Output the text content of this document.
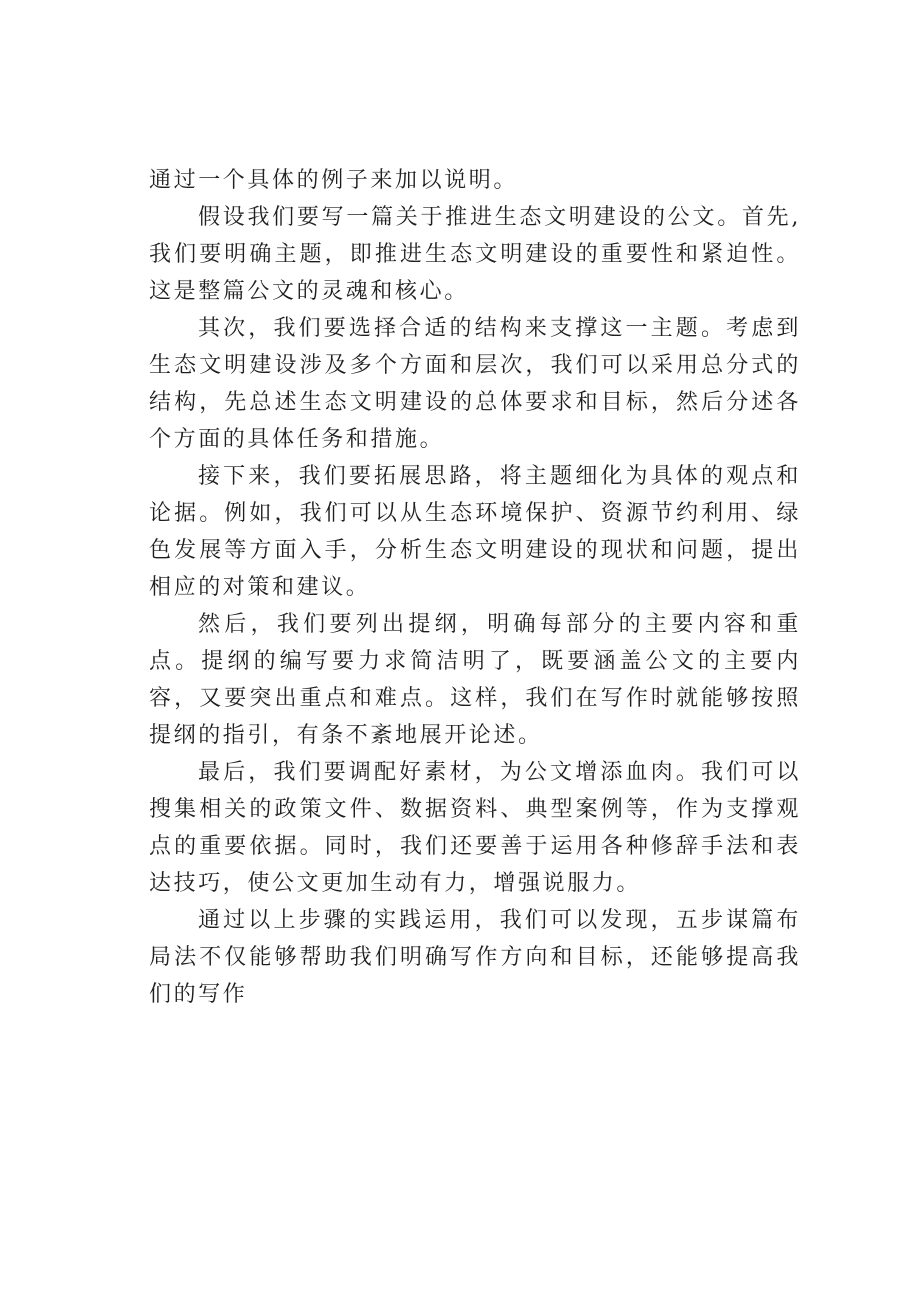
通过一个具体的例子来加以说明。

假设我们要写一篇关于推进生态文明建设的公文。首先,我们要明确主题，即推进生态文明建设的重要性和紧迫性。这是整篇公文的灵魂和核心。

其次，我们要选择合适的结构来支撑这一主题。考虑到生态文明建设涉及多个方面和层次，我们可以采用总分式的结构，先总述生态文明建设的总体要求和目标，然后分述各个方面的具体任务和措施。

接下来，我们要拓展思路，将主题细化为具体的观点和论据。例如，我们可以从生态环境保护、资源节约利用、绿色发展等方面入手，分析生态文明建设的现状和问题，提出相应的对策和建议。

然后，我们要列出提纲，明确每部分的主要内容和重点。提纲的编写要力求简洁明了，既要涵盖公文的主要内容，又要突出重点和难点。这样，我们在写作时就能够按照提纲的指引，有条不紊地展开论述。

最后，我们要调配好素材，为公文增添血肉。我们可以搜集相关的政策文件、数据资料、典型案例等，作为支撑观点的重要依据。同时，我们还要善于运用各种修辞手法和表达技巧，使公文更加生动有力，增强说服力。

通过以上步骤的实践运用，我们可以发现，五步谋篇布局法不仅能够帮助我们明确写作方向和目标，还能够提高我们的写作
